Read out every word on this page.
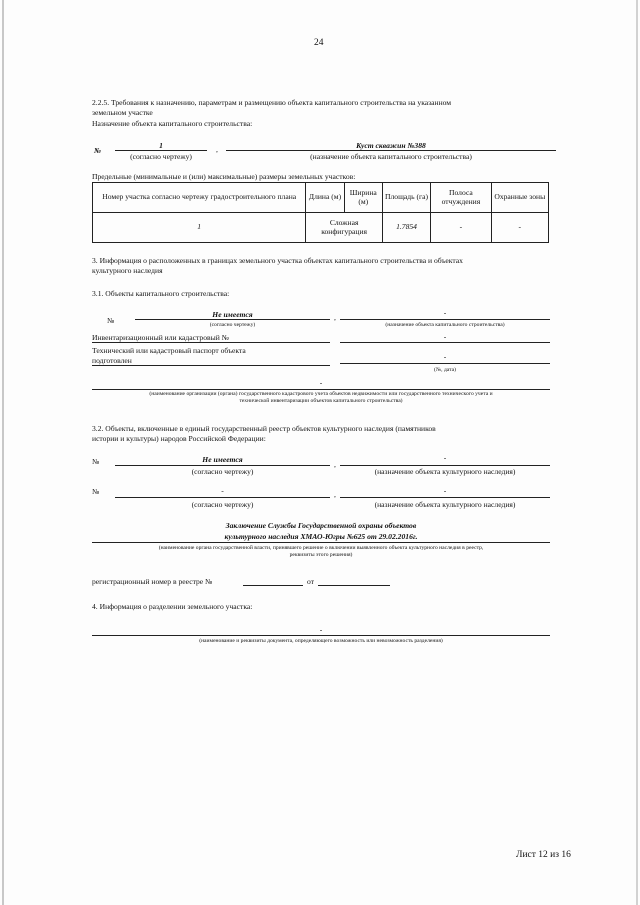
24
2.2.5. Требования к назначению, параметрам и размещению объекта капитального строительства на указанном
земельном участке
Назначение объекта капитального строительства:
№
1
(согласно чертежу)
,	Куст скважин №388
(назначение объекта капитального строительства)
Предельные (минимальные и (или) максимальные) размеры земельных участков:
Номер участка согласно чертежу градостроительного плана	Длина (м)	Ширина (м)	Площадь (га)	Полоса отчуждения	Охранные зоны
1	Сложная конфигурация		1.7854	-	-
3. Информация о расположенных в границах земельного участка объектах капитального строительства и объектах
культурного наследия
3.1. Объекты капитального строительства:
№
Не имеется
(согласно чертежу)
,
-
(назначение объекта капитального строительства)
Инвентаризационный или кадастровый №	-
Технический или кадастровый паспорт объекта
подготовлен	-
(№, дата)
-
(наименование организации (органа) государственного кадастрового учета объектов недвижимости или государственного технического учета и
технической инвентаризации объектов капитального строительства)
3.2. Объекты, включенные в единый государственный реестр объектов культурного наследия (памятников
истории и культуры) народов Российской Федерации:
№	Не имеется
(согласно чертежу)
,
-
(назначение объекта культурного наследия)
№	-
(согласно чертежу)
,	-
(назначение объекта культурного наследия)
Заключение Службы Государственной охраны объектов
культурного наследия ХМАО-Югры №625 от 29.02.2016г.
(наименование органа государственной власти, принявшего решение о включении выявленного объекта культурного наследия в реестр,
реквизиты этого решения)
регистрационный номер в реестре №	от
4. Информация о разделении земельного участка:
-
(наименование и реквизиты документа, определяющего возможность или невозможность разделения)
Лист 12 из 16
